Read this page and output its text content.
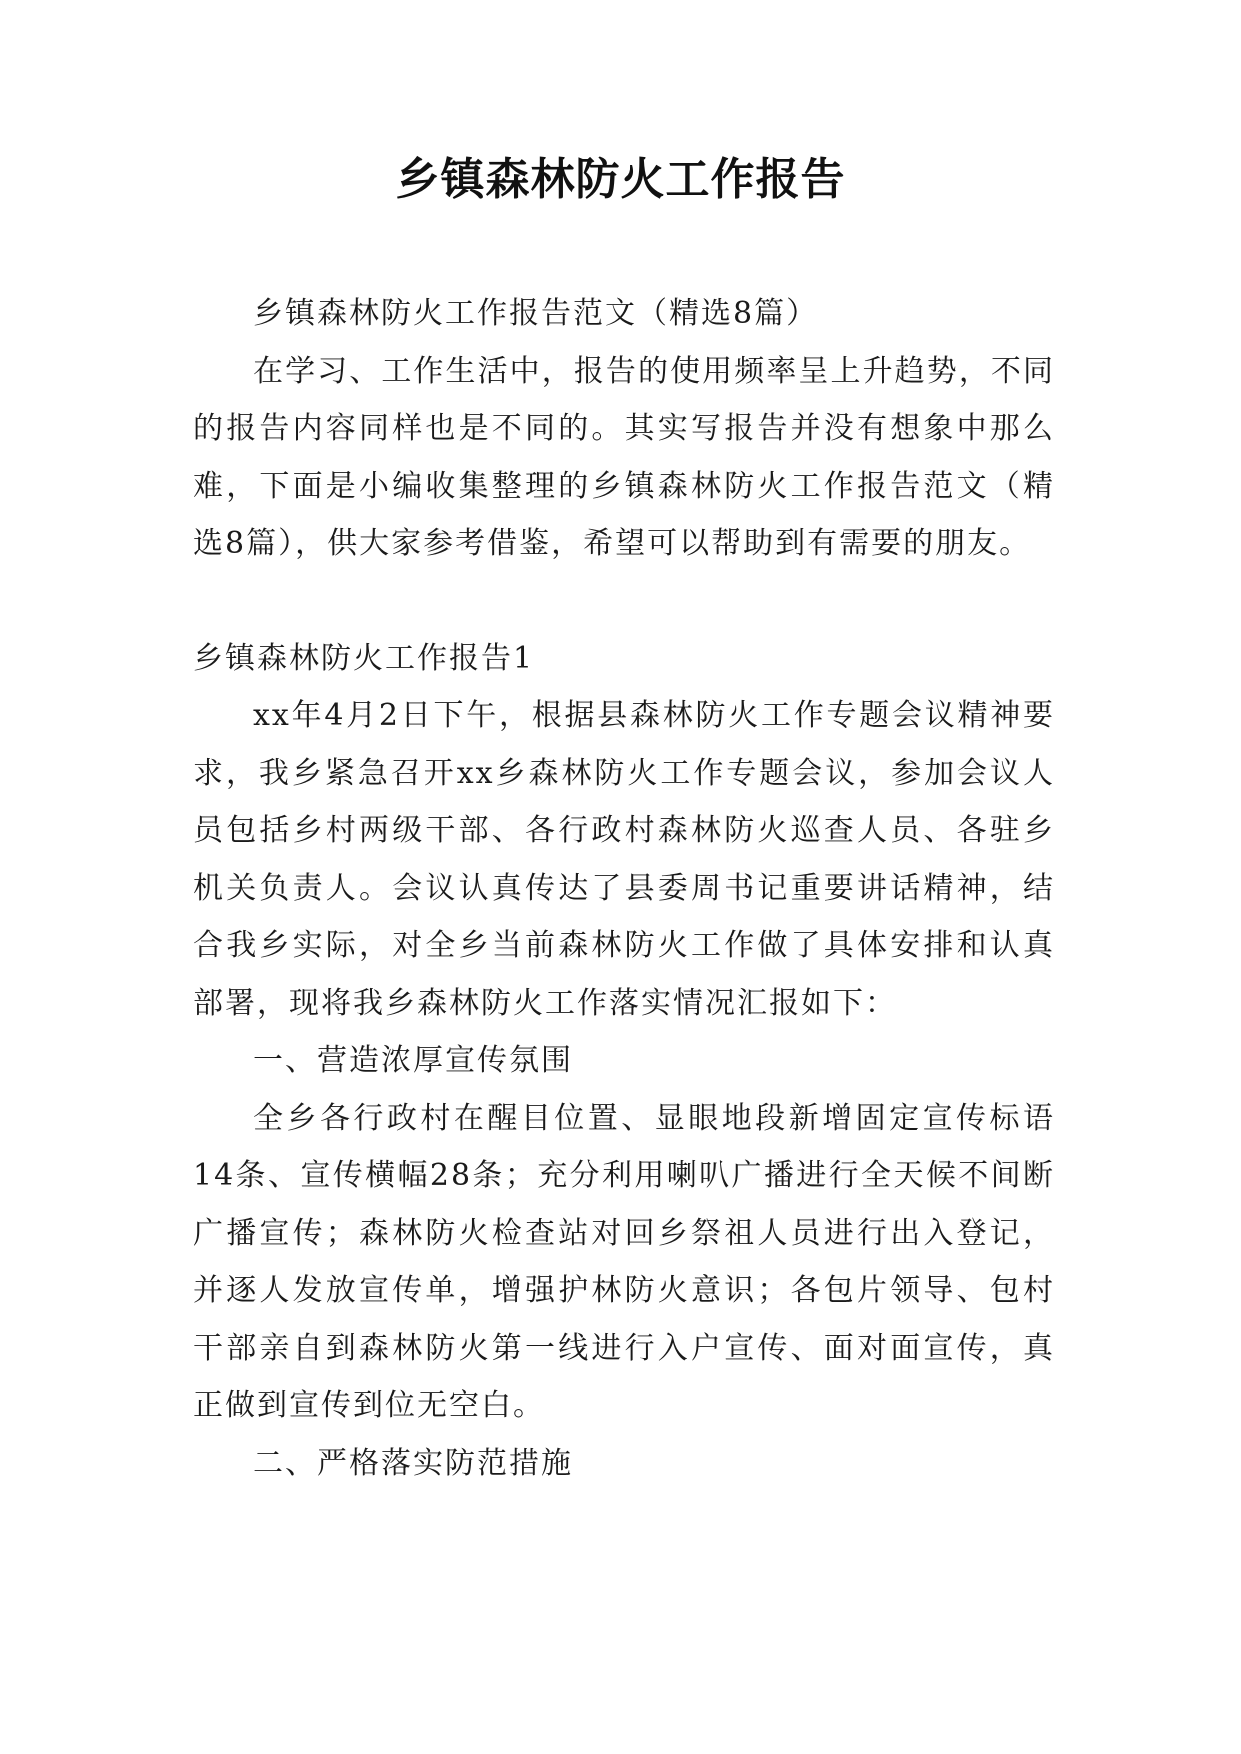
乡镇森林防火工作报告

乡镇森林防火工作报告范文（精选8篇）

在学习、工作生活中，报告的使用频率呈上升趋势，不同的报告内容同样也是不同的。其实写报告并没有想象中那么难，下面是小编收集整理的乡镇森林防火工作报告范文（精选8篇），供大家参考借鉴，希望可以帮助到有需要的朋友。

乡镇森林防火工作报告1

xx年4月2日下午，根据县森林防火工作专题会议精神要求，我乡紧急召开xx乡森林防火工作专题会议，参加会议人员包括乡村两级干部、各行政村森林防火巡查人员、各驻乡机关负责人。会议认真传达了县委周书记重要讲话精神，结合我乡实际，对全乡当前森林防火工作做了具体安排和认真部署，现将我乡森林防火工作落实情况汇报如下：

一、营造浓厚宣传氛围

全乡各行政村在醒目位置、显眼地段新增固定宣传标语14条、宣传横幅28条；充分利用喇叭广播进行全天候不间断广播宣传；森林防火检查站对回乡祭祖人员进行出入登记，并逐人发放宣传单，增强护林防火意识；各包片领导、包村干部亲自到森林防火第一线进行入户宣传、面对面宣传，真正做到宣传到位无空白。

二、严格落实防范措施
